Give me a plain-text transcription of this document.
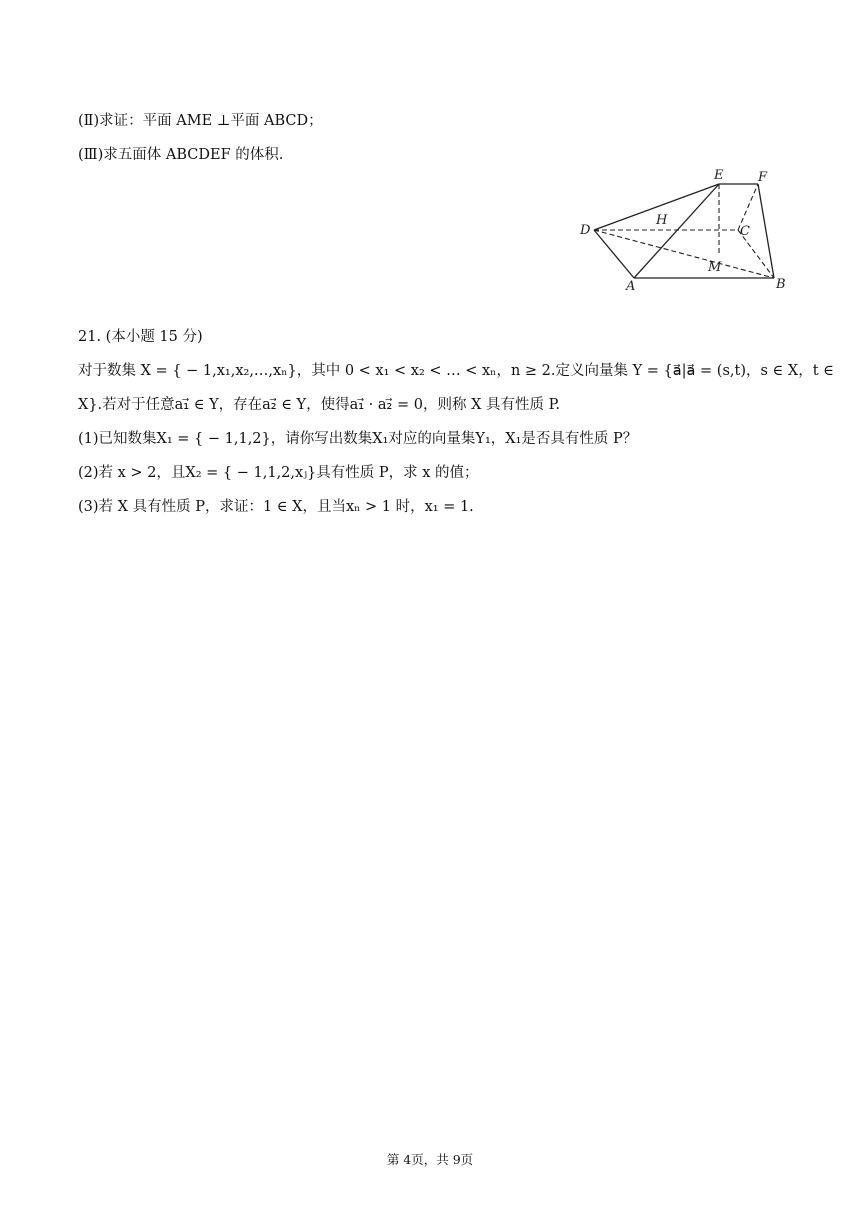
(Ⅱ)求证：平面 AME ⊥平面 ABCD；
(Ⅲ)求五面体 ABCDEF 的体积.
D
E	F
H
C
M
A	B
21. (本小题 15 分)
对于数集 X = { − 1,x₁,x₂,…,xₙ}，其中 0 < x₁ < x₂ < … < xₙ，n ≥ 2.定义向量集 Y = {a⃗|a⃗ = (s,t)，s ∈ X，t ∈
X}.若对于任意a₁⃗ ∈ Y，存在a₂⃗ ∈ Y，使得a₁⃗ · a₂⃗ = 0，则称 X 具有性质 P.
(1)已知数集X₁ = { − 1,1,2}，请你写出数集X₁对应的向量集Y₁，X₁是否具有性质 P？
(2)若 x > 2，且X₂ = { − 1,1,2,xⱼ}具有性质 P，求 x 的值；
(3)若 X 具有性质 P，求证：1 ∈ X，且当xₙ > 1 时，x₁ = 1.
第 4页，共 9页
